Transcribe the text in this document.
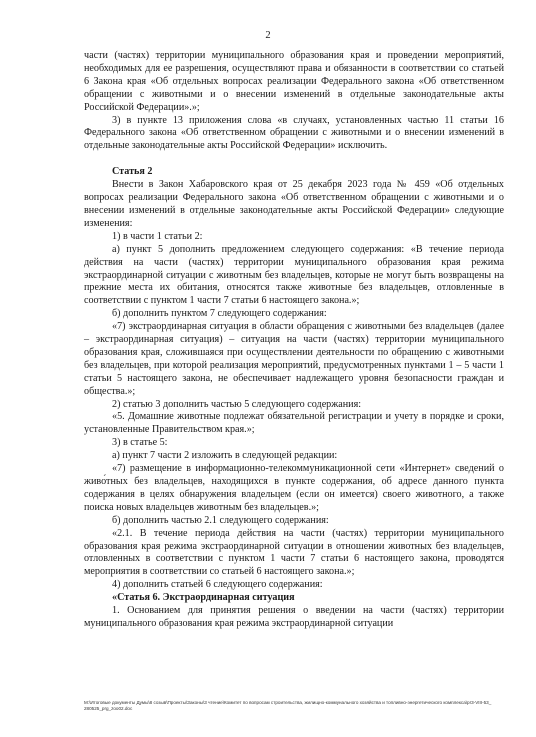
2

части (частях) территории муниципального образования края и проведении мероприятий, необходимых для ее разрешения, осуществляют права и обязанности в соответствии со статьей 6 Закона края «Об отдельных вопросах реализации Федерального закона «Об ответственном обращении с животными и о внесении изменений в отдельные законодательные акты Российской Федерации».»;

3) в пункте 13 приложения слова «в случаях, установленных частью 11 статьи 16 Федерального закона «Об ответственном обращении с животными и о внесении изменений в отдельные законодательные акты Российской Федерации» исключить.

Статья 2

Внести в Закон Хабаровского края от 25 декабря 2023 года № 459 «Об отдельных вопросах реализации Федерального закона «Об ответственном обращении с животными и о внесении изменений в отдельные законодательные акты Российской Федерации» следующие изменения:

1) в части 1 статьи 2:

а) пункт 5 дополнить предложением следующего содержания: «В течение периода действия на части (частях) территории муниципального образования края режима экстраординарной ситуации с животным без владельцев, которые не могут быть возвращены на прежние места их обитания, относятся также животные без владельцев, отловленные в соответствии с пунктом 1 части 7 статьи 6 настоящего закона.»;

б) дополнить пунктом 7 следующего содержания:

«7) экстраординарная ситуация в области обращения с животными без владельцев (далее – экстраординарная ситуация) – ситуация на части (частях) территории муниципального образования края, сложившаяся при осуществлении деятельности по обращению с животными без владельцев, при которой реализация мероприятий, предусмотренных пунктами 1 – 5 части 1 статьи 5 настоящего закона, не обеспечивает надлежащего уровня безопасности граждан и общества.»;

2) статью 3 дополнить частью 5 следующего содержания:

«5. Домашние животные подлежат обязательной регистрации и учету в порядке и сроки, установленные Правительством края.»;

3) в статье 5:

а) пункт 7 части 2 изложить в следующей редакции:

«7) размещение в информационно-телекоммуникационной сети «Интернет» сведений о живо́тных без владельцев, находящихся в пункте содержания, об адресе данного пункта содержания в целях обнаружения владельцем (если он имеется) своего животного, а также поиска новых владельцев животным без владельцев.»;

б) дополнить частью 2.1 следующего содержания:

«2.1. В течение периода действия на части (частях) территории муниципального образования края режима экстраординарной ситуации в отношении животных без владельцев, отловленных в соответствии с пунктом 1 части 7 статьи 6 настоящего закона, проводятся мероприятия в соответствии со статьей 6 настоящего закона.»;

4) дополнить статьей 6 следующего содержания:

«Статья 6. Экстраординарная ситуация

1. Основанием для принятия решения о введении на части (частях) территории муниципального образования края режима экстраординарной ситуации

M:\Итоговые документы Думы\8 созыв\Проекты\Законы\3 чтение\Комитет по вопросам строительства, жилищно-коммунального хозяйства и топливно-энергетического комплекса\pr3-VIII-53_ 280525_prg_zoo02.doc
